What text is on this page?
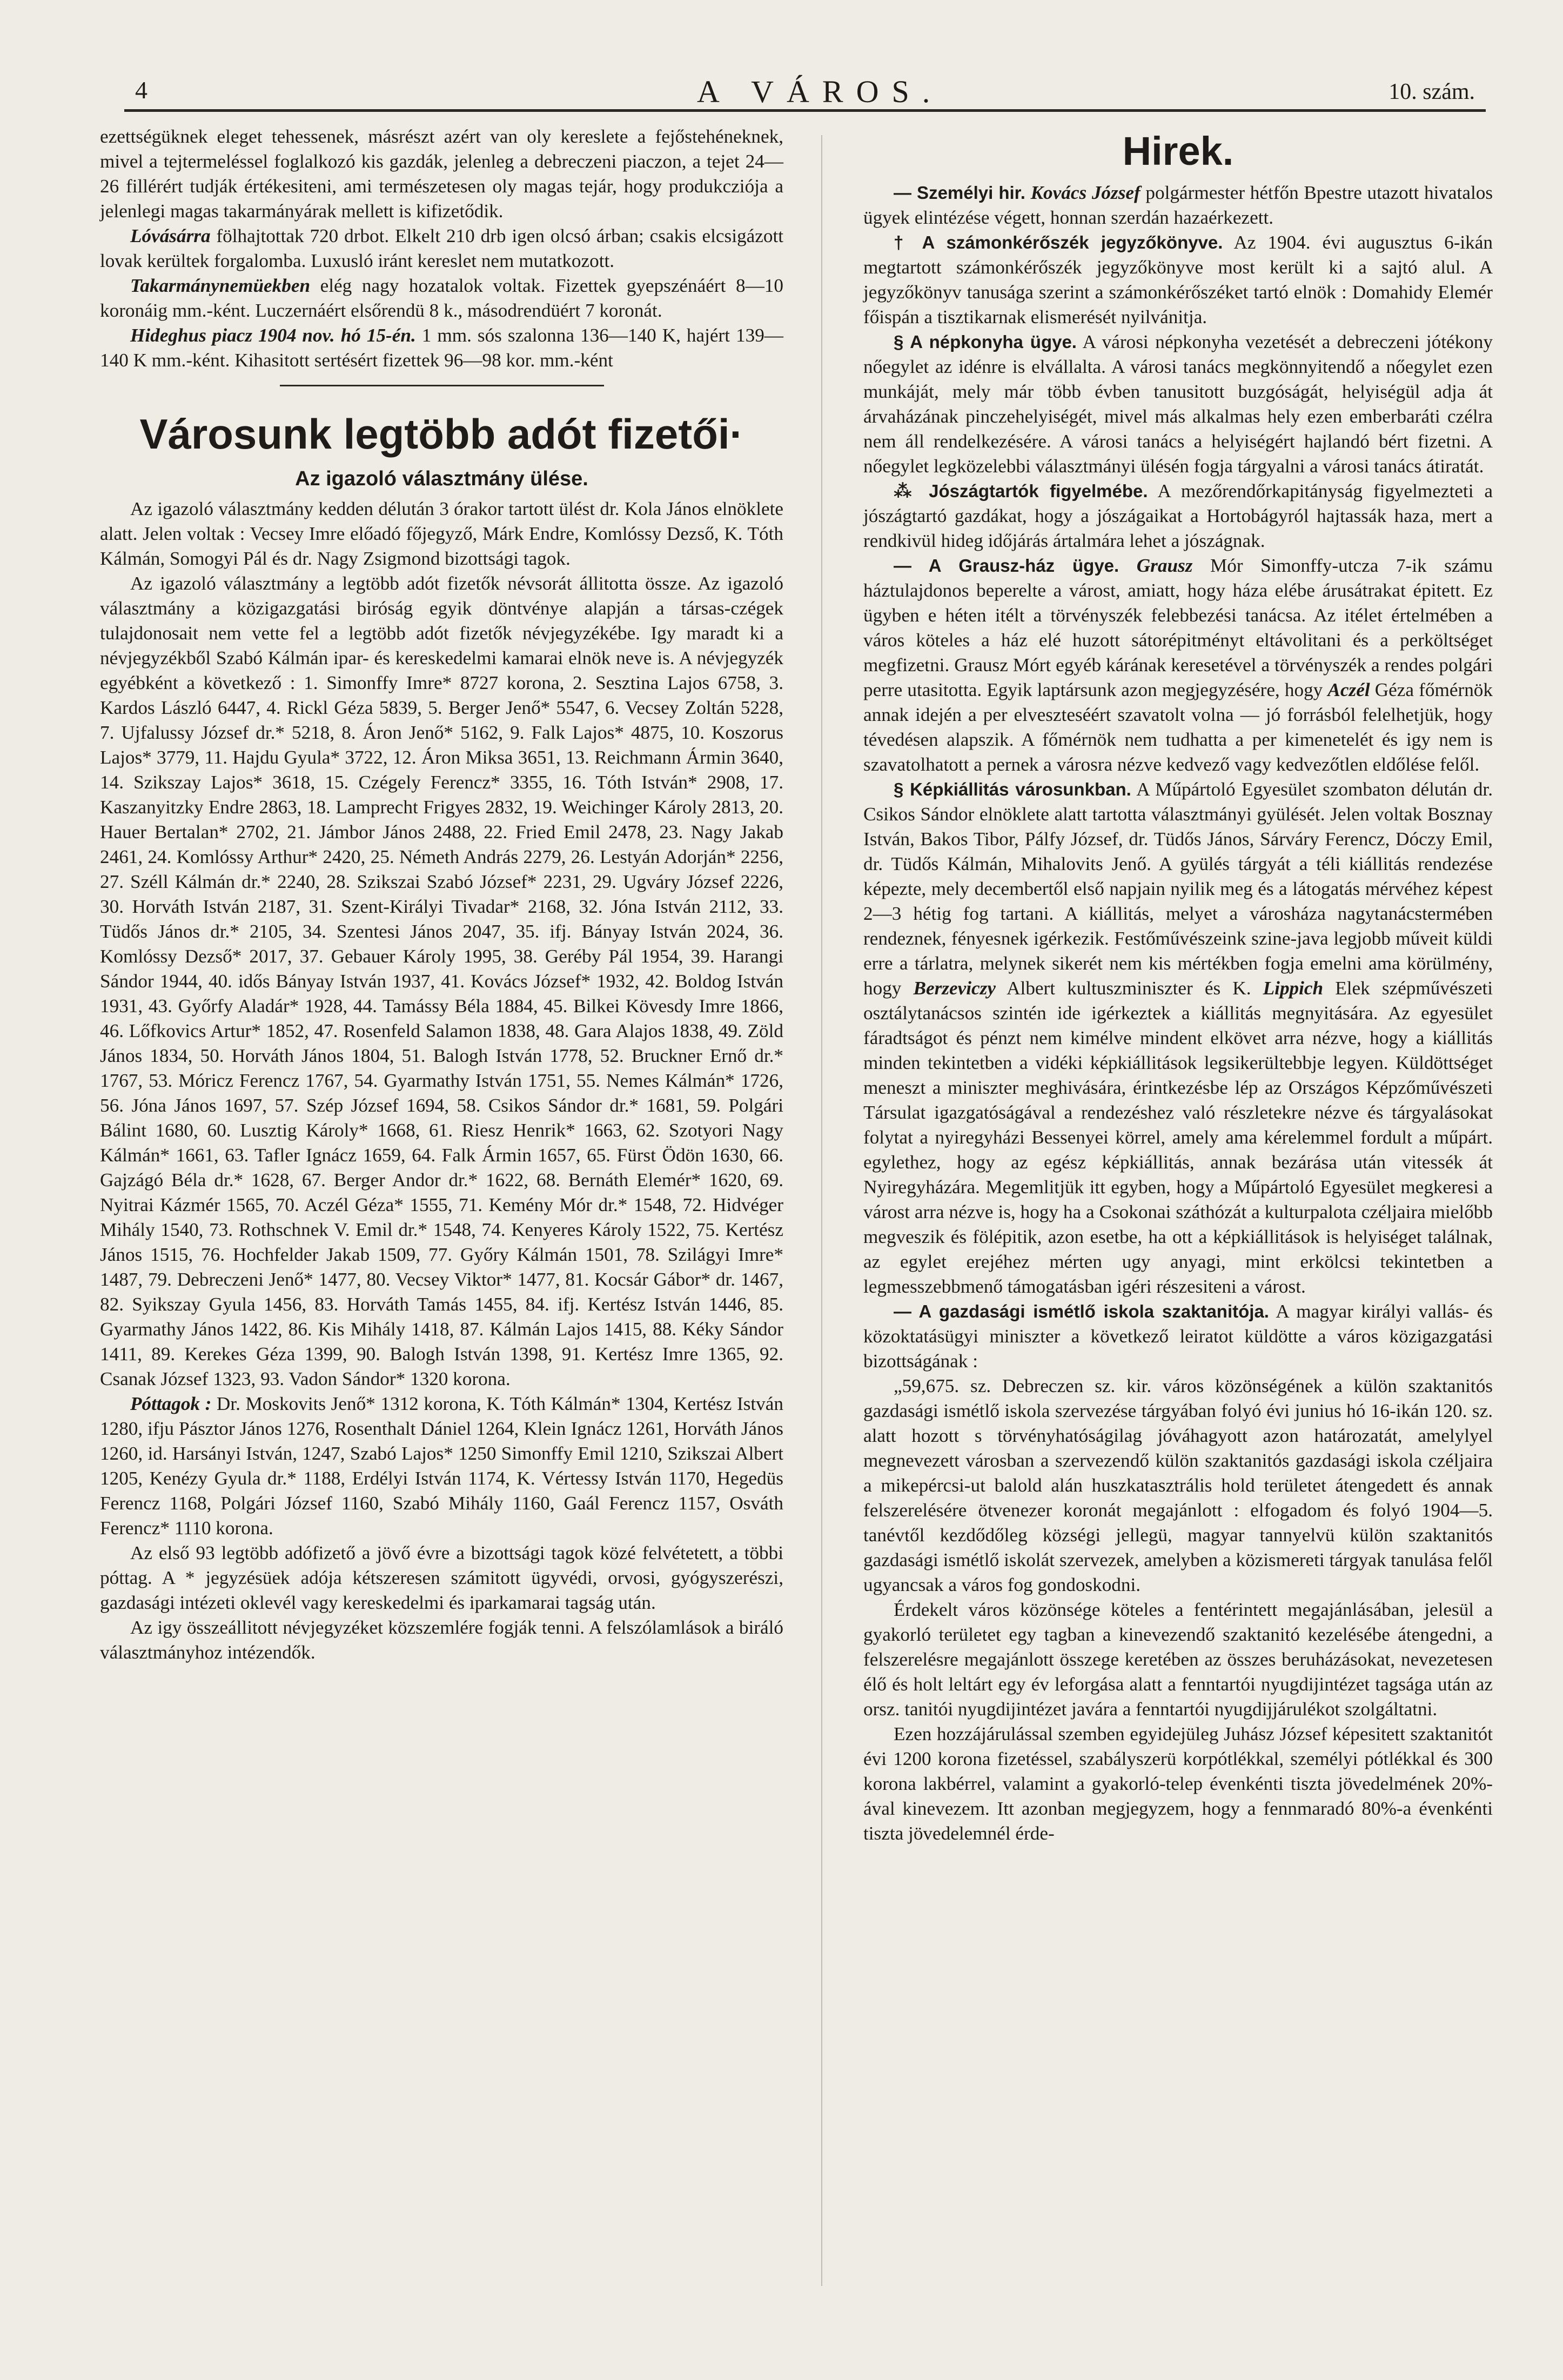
4	A VÁROS.	10. szám.

ezettségüknek eleget tehessenek, másrészt azért van oly kereslete a fejőstehéneknek, mivel a tejtermeléssel foglalkozó kis gazdák, jelenleg a debreczeni piaczon, a tejet 24—26 fillérért tudják értékesiteni, ami természetesen oly magas tejár, hogy produkcziója a jelenlegi magas takarmányárak mellett is kifizetődik.

Lóvásárra fölhajtottak 720 drbot. Elkelt 210 drb igen olcsó árban; csakis elcsigázott lovak kerültek forgalomba. Luxusló iránt kereslet nem mutatkozott.

Takarmánynemüekben elég nagy hozatalok voltak. Fizettek gyepszénáért 8—10 koronáig mm.-ként. Luczernáért elsőrendü 8 k., másodrendüért 7 koronát.

Hideghus piacz 1904 nov. hó 15-én. 1 mm. sós szalonna 136—140 K, hajért 139—140 K mm.-ként. Kihasitott sertésért fizettek 96—98 kor. mm.-ként

Városunk legtöbb adót fizetői·
Az igazoló választmány ülése.

Az igazoló választmány kedden délután 3 órakor tartott ülést dr. Kola János elnöklete alatt. Jelen voltak : Vecsey Imre előadó főjegyző, Márk Endre, Komlóssy Dezső, K. Tóth Kálmán, Somogyi Pál és dr. Nagy Zsigmond bizottsági tagok.

Az igazoló választmány a legtöbb adót fizetők névsorát állitotta össze. Az igazoló választmány a közigazgatási biróság egyik döntvénye alapján a társas-czégek tulajdonosait nem vette fel a legtöbb adót fizetők névjegyzékébe. Igy maradt ki a névjegyzékből Szabó Kálmán ipar- és kereskedelmi kamarai elnök neve is. A névjegyzék egyébként a következő : 1. Simonffy Imre* 8727 korona, 2. Sesztina Lajos 6758, 3. Kardos László 6447, 4. Rickl Géza 5839, 5. Berger Jenő* 5547, 6. Vecsey Zoltán 5228, 7. Ujfalussy József dr.* 5218, 8. Áron Jenő* 5162, 9. Falk Lajos* 4875, 10. Koszorus Lajos* 3779, 11. Hajdu Gyula* 3722, 12. Áron Miksa 3651, 13. Reichmann Ármin 3640, 14. Szikszay Lajos* 3618, 15. Czégely Ferencz* 3355, 16. Tóth István* 2908, 17. Kaszanyitzky Endre 2863, 18. Lamprecht Frigyes 2832, 19. Weichinger Károly 2813, 20. Hauer Bertalan* 2702, 21. Jámbor János 2488, 22. Fried Emil 2478, 23. Nagy Jakab 2461, 24. Komlóssy Arthur* 2420, 25. Németh András 2279, 26. Lestyán Adorján* 2256, 27. Széll Kálmán dr.* 2240, 28. Szikszai Szabó József* 2231, 29. Ugváry József 2226, 30. Horváth István 2187, 31. Szent-Királyi Tivadar* 2168, 32. Jóna István 2112, 33. Tüdős János dr.* 2105, 34. Szentesi János 2047, 35. ifj. Bányay István 2024, 36. Komlóssy Dezső* 2017, 37. Gebauer Károly 1995, 38. Geréby Pál 1954, 39. Harangi Sándor 1944, 40. idős Bányay István 1937, 41. Kovács József* 1932, 42. Boldog István 1931, 43. Győrfy Aladár* 1928, 44. Tamássy Béla 1884, 45. Bilkei Kövesdy Imre 1866, 46. Lőfkovics Artur* 1852, 47. Rosenfeld Salamon 1838, 48. Gara Alajos 1838, 49. Zöld János 1834, 50. Horváth János 1804, 51. Balogh István 1778, 52. Bruckner Ernő dr.* 1767, 53. Móricz Ferencz 1767, 54. Gyarmathy István 1751, 55. Nemes Kálmán* 1726, 56. Jóna János 1697, 57. Szép József 1694, 58. Csikos Sándor dr.* 1681, 59. Polgári Bálint 1680, 60. Lusztig Károly* 1668, 61. Riesz Henrik* 1663, 62. Szotyori Nagy Kálmán* 1661, 63. Tafler Ignácz 1659, 64. Falk Ármin 1657, 65. Fürst Ödön 1630, 66. Gajzágó Béla dr.* 1628, 67. Berger Andor dr.* 1622, 68. Bernáth Elemér* 1620, 69. Nyitrai Kázmér 1565, 70. Aczél Géza* 1555, 71. Kemény Mór dr.* 1548, 72. Hidvéger Mihály 1540, 73. Rothschnek V. Emil dr.* 1548, 74. Kenyeres Károly 1522, 75. Kertész János 1515, 76. Hochfelder Jakab 1509, 77. Győry Kálmán 1501, 78. Szilágyi Imre* 1487, 79. Debreczeni Jenő* 1477, 80. Vecsey Viktor* 1477, 81. Kocsár Gábor* dr. 1467, 82. Syikszay Gyula 1456, 83. Horváth Tamás 1455, 84. ifj. Kertész István 1446, 85. Gyarmathy János 1422, 86. Kis Mihály 1418, 87. Kálmán Lajos 1415, 88. Kéky Sándor 1411, 89. Kerekes Géza 1399, 90. Balogh István 1398, 91. Kertész Imre 1365, 92. Csanak József 1323, 93. Vadon Sándor* 1320 korona.

Póttagok : Dr. Moskovits Jenő* 1312 korona, K. Tóth Kálmán* 1304, Kertész István 1280, ifju Pásztor János 1276, Rosenthalt Dániel 1264, Klein Ignácz 1261, Horváth János 1260, id. Harsányi István, 1247, Szabó Lajos* 1250 Simonffy Emil 1210, Szikszai Albert 1205, Kenézy Gyula dr.* 1188, Erdélyi István 1174, K. Vértessy István 1170, Hegedüs Ferencz 1168, Polgári József 1160, Szabó Mihály 1160, Gaál Ferencz 1157, Osváth Ferencz* 1110 korona.

Az első 93 legtöbb adófizető a jövő évre a bizottsági tagok közé felvétetett, a többi póttag. A * jegyzésüek adója kétszeresen számitott ügyvédi, orvosi, gyógyszerészi, gazdasági intézeti oklevél vagy kereskedelmi és iparkamarai tagság után.

Az igy összeállitott névjegyzéket közszemlére fogják tenni. A felszólamlások a biráló választmányhoz intézendők.

Hirek.

— Személyi hir. Kovács József polgármester hétfőn Bpestre utazott hivatalos ügyek elintézése végett, honnan szerdán hazaérkezett.

† A számonkérőszék jegyzőkönyve. Az 1904. évi augusztus 6-ikán megtartott számonkérőszék jegyzőkönyve most került ki a sajtó alul. A jegyzőkönyv tanusága szerint a számonkérőszéket tartó elnök : Domahidy Elemér főispán a tisztikarnak elismerését nyilvánitja.

§ A népkonyha ügye. A városi népkonyha vezetését a debreczeni jótékony nőegylet az idénre is elvállalta. A városi tanács megkönnyitendő a nőegylet ezen munkáját, mely már több évben tanusitott buzgóságát, helyiségül adja át árvaházának pinczehelyiségét, mivel más alkalmas hely ezen emberbaráti czélra nem áll rendelkezésére. A városi tanács a helyiségért hajlandó bért fizetni. A nőegylet legközelebbi választmányi ülésén fogja tárgyalni a városi tanács átiratát.

⁂ Jószágtartók figyelmébe. A mezőrendőrkapitányság figyelmezteti a jószágtartó gazdákat, hogy a jószágaikat a Hortobágyról hajtassák haza, mert a rendkivül hideg időjárás ártalmára lehet a jószágnak.

— A Grausz-ház ügye. Grausz Mór Simonffy-utcza 7-ik számu háztulajdonos beperelte a várost, amiatt, hogy háza elébe árusátrakat épitett. Ez ügyben e héten itélt a törvényszék felebbezési tanácsa. Az itélet értelmében a város köteles a ház elé huzott sátorépitményt eltávolitani és a perköltséget megfizetni. Grausz Mórt egyéb kárának keresetével a törvényszék a rendes polgári perre utasitotta. Egyik laptársunk azon megjegyzésére, hogy Aczél Géza főmérnök annak idején a per elveszteséért szavatolt volna — jó forrásból felelhetjük, hogy tévedésen alapszik. A főmérnök nem tudhatta a per kimenetelét és igy nem is szavatolhatott a pernek a városra nézve kedvező vagy kedvezőtlen eldőlése felől.

§ Képkiállitás városunkban. A Műpártoló Egyesület szombaton délután dr. Csikos Sándor elnöklete alatt tartotta választmányi gyülését. Jelen voltak Bosznay István, Bakos Tibor, Pálfy József, dr. Tüdős János, Sárváry Ferencz, Dóczy Emil, dr. Tüdős Kálmán, Mihalovits Jenő. A gyülés tárgyát a téli kiállitás rendezése képezte, mely decembertől első napjain nyilik meg és a látogatás mérvéhez képest 2—3 hétig fog tartani. A kiállitás, melyet a városháza nagytanácstermében rendeznek, fényesnek igérkezik. Festőművészeink szine-java legjobb műveit küldi erre a tárlatra, melynek sikerét nem kis mértékben fogja emelni ama körülmény, hogy Berzeviczy Albert kultuszminiszter és K. Lippich Elek szépművészeti osztálytanácsos szintén ide igérkeztek a kiállitás megnyitására. Az egyesület fáradtságot és pénzt nem kimélve mindent elkövet arra nézve, hogy a kiállitás minden tekintetben a vidéki képkiállitások legsikerültebbje legyen. Küldöttséget meneszt a miniszter meghivására, érintkezésbe lép az Országos Képzőművészeti Társulat igazgatóságával a rendezéshez való részletekre nézve és tárgyalásokat folytat a nyiregyházi Bessenyei körrel, amely ama kérelemmel fordult a műpárt. egylethez, hogy az egész képkiállitás, annak bezárása után vitessék át Nyiregyházára. Megemlitjük itt egyben, hogy a Műpártoló Egyesület megkeresi a várost arra nézve is, hogy ha a Csokonai száthózát a kulturpalota czéljaira mielőbb megveszik és fölépitik, azon esetbe, ha ott a képkiállitások is helyiséget találnak, az egylet erejéhez mérten ugy anyagi, mint erkölcsi tekintetben a legmesszebbmenő támogatásban igéri részesiteni a várost.

— A gazdasági ismétlő iskola szaktanitója. A magyar királyi vallás- és közoktatásügyi miniszter a következő leiratot küldötte a város közigazgatási bizottságának :

„59,675. sz. Debreczen sz. kir. város közönségének a külön szaktanitós gazdasági ismétlő iskola szervezése tárgyában folyó évi junius hó 16-ikán 120. sz. alatt hozott s törvényhatóságilag jóváhagyott azon határozatát, amelylyel megnevezett városban a szervezendő külön szaktanitós gazdasági iskola czéljaira a mikepércsi-ut balold alán huszkatasztrális hold területet átengedett és annak felszerelésére ötvenezer koronát megajánlott : elfogadom és folyó 1904—5. tanévtől kezdődőleg községi jellegü, magyar tannyelvü külön szaktanitós gazdasági ismétlő iskolát szervezek, amelyben a közismereti tárgyak tanulása felől ugyancsak a város fog gondoskodni.

Érdekelt város közönsége köteles a fentérintett megajánlásában, jelesül a gyakorló területet egy tagban a kinevezendő szaktanitó kezelésébe átengedni, a felszerelésre megajánlott összege keretében az összes beruházásokat, nevezetesen élő és holt leltárt egy év leforgása alatt a fenntartói nyugdijintézet tagsága után az orsz. tanitói nyugdijintézet javára a fenntartói nyugdijjárulékot szolgáltatni.

Ezen hozzájárulással szemben egyidejüleg Juhász József képesitett szaktanitót évi 1200 korona fizetéssel, szabályszerü korpótlékkal, személyi pótlékkal és 300 korona lakbérrel, valamint a gyakorló-telep évenkénti tiszta jövedelmének 20%-ával kinevezem. Itt azonban megjegyzem, hogy a fennmaradó 80%-a évenkénti tiszta jövedelemnél érde-
